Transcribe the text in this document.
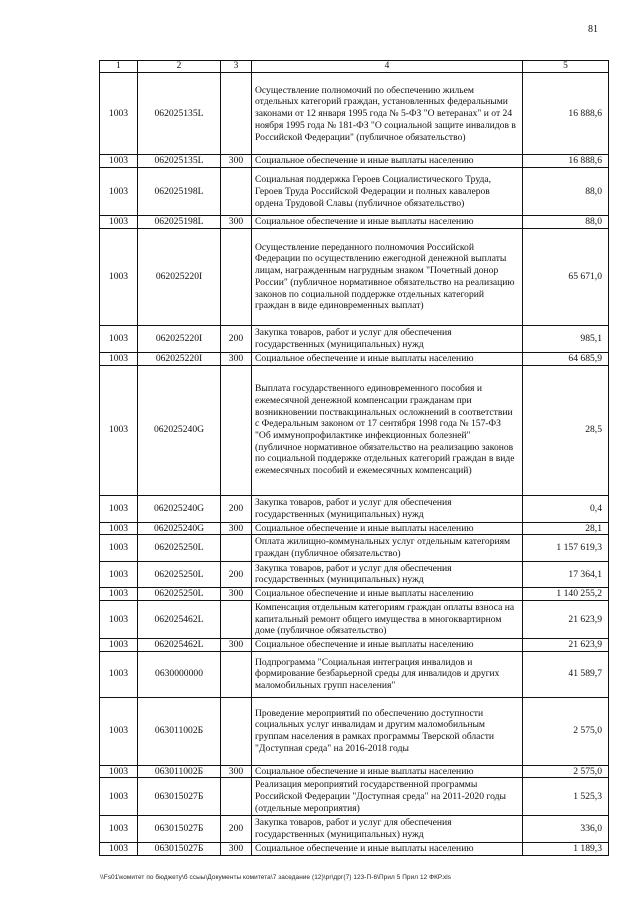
81
1	2	3	4	5
1003	062025135L		Осуществление полномочий по обеспечению жильем отдельных категорий граждан, установленных федеральными законами от 12 января 1995 года № 5-ФЗ "О ветеранах" и от 24 ноября 1995 года № 181-ФЗ "О социальной защите инвалидов в Российской Федерации" (публичное обязательство)	16 888,6
1003	062025135L	300	Социальное обеспечение и иные выплаты населению	16 888,6
1003	062025198L		Социальная поддержка Героев Социалистического Труда, Героев Труда Российской Федерации и полных кавалеров ордена Трудовой Славы (публичное обязательство)	88,0
1003	062025198L	300	Социальное обеспечение и иные выплаты населению	88,0
1003	062025220I		Осуществление переданного полномочия Российской Федерации по осуществлению ежегодной денежной выплаты лицам, награжденным нагрудным знаком "Почетный донор России" (публичное нормативное обязательство на реализацию законов по социальной поддержке отдельных категорий граждан в виде единовременных выплат)	65 671,0
1003	062025220I	200	Закупка товаров, работ и услуг для обеспечения государственных (муниципальных) нужд	985,1
1003	062025220I	300	Социальное обеспечение и иные выплаты населению	64 685,9
1003	062025240G		Выплата государственного единовременного пособия и ежемесячной денежной компенсации гражданам при возникновении поствакцинальных осложнений в соответствии с Федеральным законом от 17 сентября 1998 года № 157-ФЗ "Об иммунопрофилактике инфекционных болезней" (публичное нормативное обязательство на реализацию законов по социальной поддержке отдельных категорий граждан в виде ежемесячных пособий и ежемесячных компенсаций)	28,5
1003	062025240G	200	Закупка товаров, работ и услуг для обеспечения государственных (муниципальных) нужд	0,4
1003	062025240G	300	Социальное обеспечение и иные выплаты населению	28,1
1003	062025250L		Оплата жилищно-коммунальных услуг отдельным категориям граждан (публичное обязательство)	1 157 619,3
1003	062025250L	200	Закупка товаров, работ и услуг для обеспечения государственных (муниципальных) нужд	17 364,1
1003	062025250L	300	Социальное обеспечение и иные выплаты населению	1 140 255,2
1003	062025462L		Компенсация отдельным категориям граждан оплаты взноса на капитальный ремонт общего имущества в многоквартирном доме (публичное обязательство)	21 623,9
1003	062025462L	300	Социальное обеспечение и иные выплаты населению	21 623,9
1003	0630000000		Подпрограмма "Социальная интеграция инвалидов и формирование безбарьерной среды для инвалидов и других маломобильных групп населения"	41 589,7
1003	063011002Б		Проведение мероприятий по обеспечению доступности социальных услуг инвалидам и другим маломобильным группам населения в рамках программы Тверской области "Доступная среда" на 2016-2018 годы	2 575,0
1003	063011002Б	300	Социальное обеспечение и иные выплаты населению	2 575,0
1003	063015027Б		Реализация мероприятий государственной программы Российской Федерации "Доступная среда" на 2011-2020 годы (отдельные мероприятия)	1 525,3
1003	063015027Б	200	Закупка товаров, работ и услуг для обеспечения государственных (муниципальных) нужд	336,0
1003	063015027Б	300	Социальное обеспечение и иные выплаты населению	1 189,3
\\Fs01\комитет по бюджету\б ссыы\Документы комитета\7 заседание (12)\pr\дрг(7) 123-П-6\Прил 5 Прил 12 ФКР.xls
